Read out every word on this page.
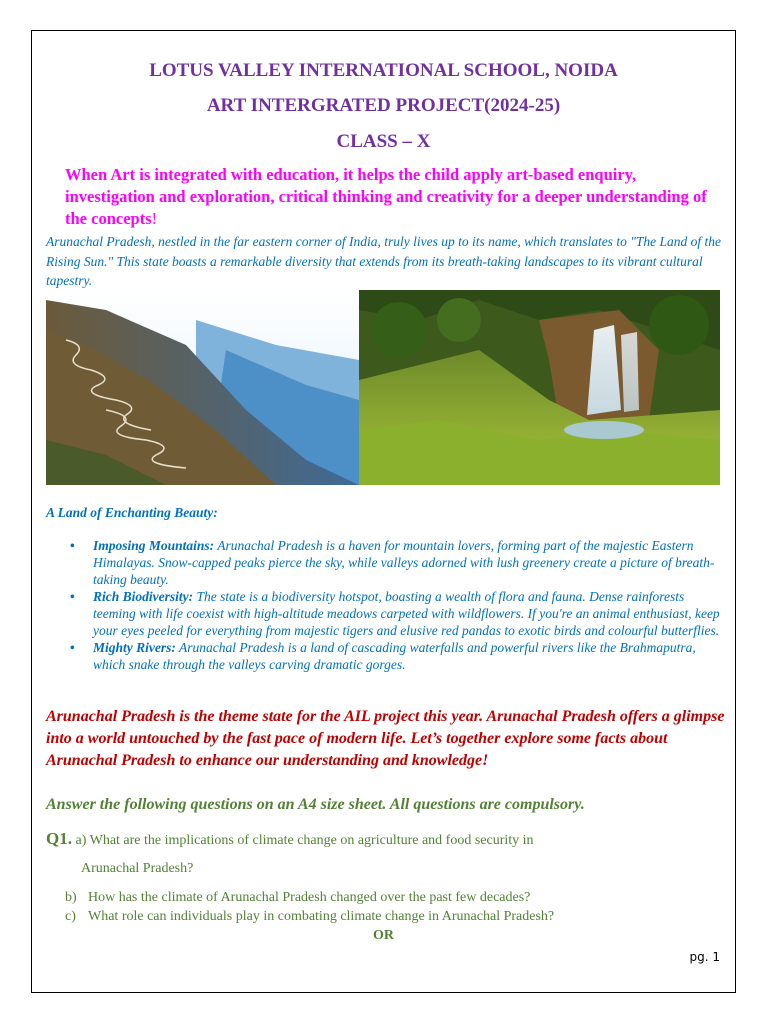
LOTUS VALLEY INTERNATIONAL SCHOOL, NOIDA
ART INTERGRATED PROJECT(2024-25)
CLASS – X
When Art is integrated with education, it helps the child apply art-based enquiry, investigation and exploration, critical thinking and creativity for a deeper understanding of the concepts!
Arunachal Pradesh, nestled in the far eastern corner of India, truly lives up to its name, which translates to "The Land of the Rising Sun." This state boasts a remarkable diversity that extends from its breath-taking landscapes to its vibrant cultural tapestry.
A Land of Enchanting Beauty:
• Imposing Mountains: Arunachal Pradesh is a haven for mountain lovers, forming part of the majestic Eastern Himalayas. Snow-capped peaks pierce the sky, while valleys adorned with lush greenery create a picture of breath-taking beauty.
• Rich Biodiversity: The state is a biodiversity hotspot, boasting a wealth of flora and fauna. Dense rainforests teeming with life coexist with high-altitude meadows carpeted with wildflowers. If you're an animal enthusiast, keep your eyes peeled for everything from majestic tigers and elusive red pandas to exotic birds and colourful butterflies.
• Mighty Rivers: Arunachal Pradesh is a land of cascading waterfalls and powerful rivers like the Brahmaputra, which snake through the valleys carving dramatic gorges.
Arunachal Pradesh is the theme state for the AIL project this year. Arunachal Pradesh offers a glimpse into a world untouched by the fast pace of modern life. Let’s together explore some facts about Arunachal Pradesh to enhance our understanding and knowledge!
Answer the following questions on an A4 size sheet. All questions are compulsory.
Q1. a) What are the implications of climate change on agriculture and food security in
Arunachal Pradesh?
b) How has the climate of Arunachal Pradesh changed over the past few decades?
c) What role can individuals play in combating climate change in Arunachal Pradesh?
OR
pg. 1
